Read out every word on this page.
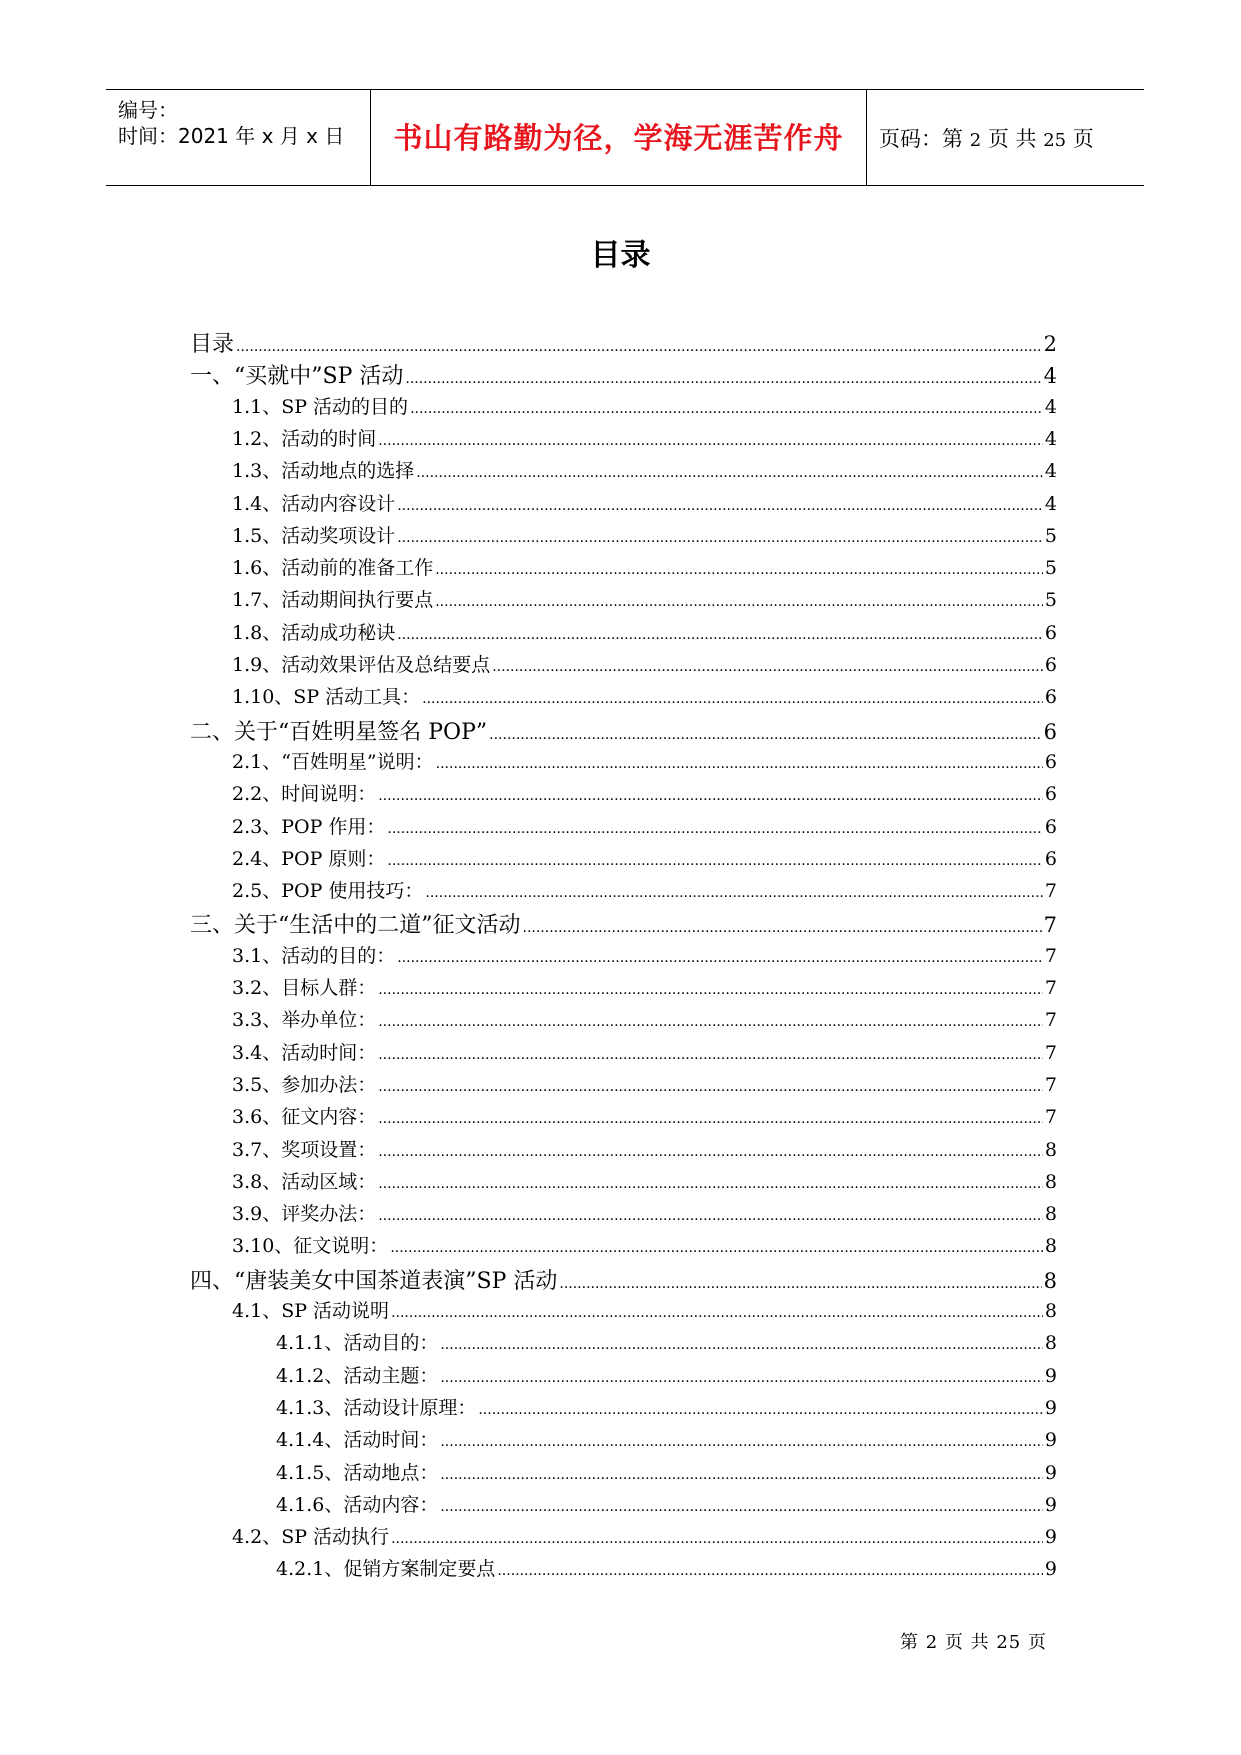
编号：
时间：2021 年 x 月 x 日	书山有路勤为径，学海无涯苦作舟	页码：第 2 页 共 25 页
目录
目录 .....	2
一、“买就中”SP 活动 .....	4
1.1、SP 活动的目的 .....	4
1.2、活动的时间 .....	4
1.3、活动地点的选择 .....	4
1.4、活动内容设计 .....	4
1.5、活动奖项设计 .....	5
1.6、活动前的准备工作 .....	5
1.7、活动期间执行要点 .....	5
1.8、活动成功秘诀 .....	6
1.9、活动效果评估及总结要点 .....	6
1.10、SP 活动工具： .....	6
二、关于“百姓明星签名 POP” .....	6
2.1、“百姓明星”说明： .....	6
2.2、时间说明： .....	6
2.3、POP 作用： .....	6
2.4、POP 原则： .....	6
2.5、POP 使用技巧： .....	7
三、关于“生活中的二道”征文活动 .....	7
3.1、活动的目的： .....	7
3.2、目标人群： .....	7
3.3、举办单位： .....	7
3.4、活动时间： .....	7
3.5、参加办法： .....	7
3.6、征文内容： .....	7
3.7、奖项设置： .....	8
3.8、活动区域： .....	8
3.9、评奖办法： .....	8
3.10、征文说明： .....	8
四、“唐装美女中国茶道表演”SP 活动 .....	8
4.1、SP 活动说明 .....	8
4.1.1、活动目的： .....	8
4.1.2、活动主题： .....	9
4.1.3、活动设计原理： .....	9
4.1.4、活动时间： .....	9
4.1.5、活动地点： .....	9
4.1.6、活动内容： .....	9
4.2、SP 活动执行 .....	9
4.2.1、促销方案制定要点 .....	9
第 2 页 共 25 页
